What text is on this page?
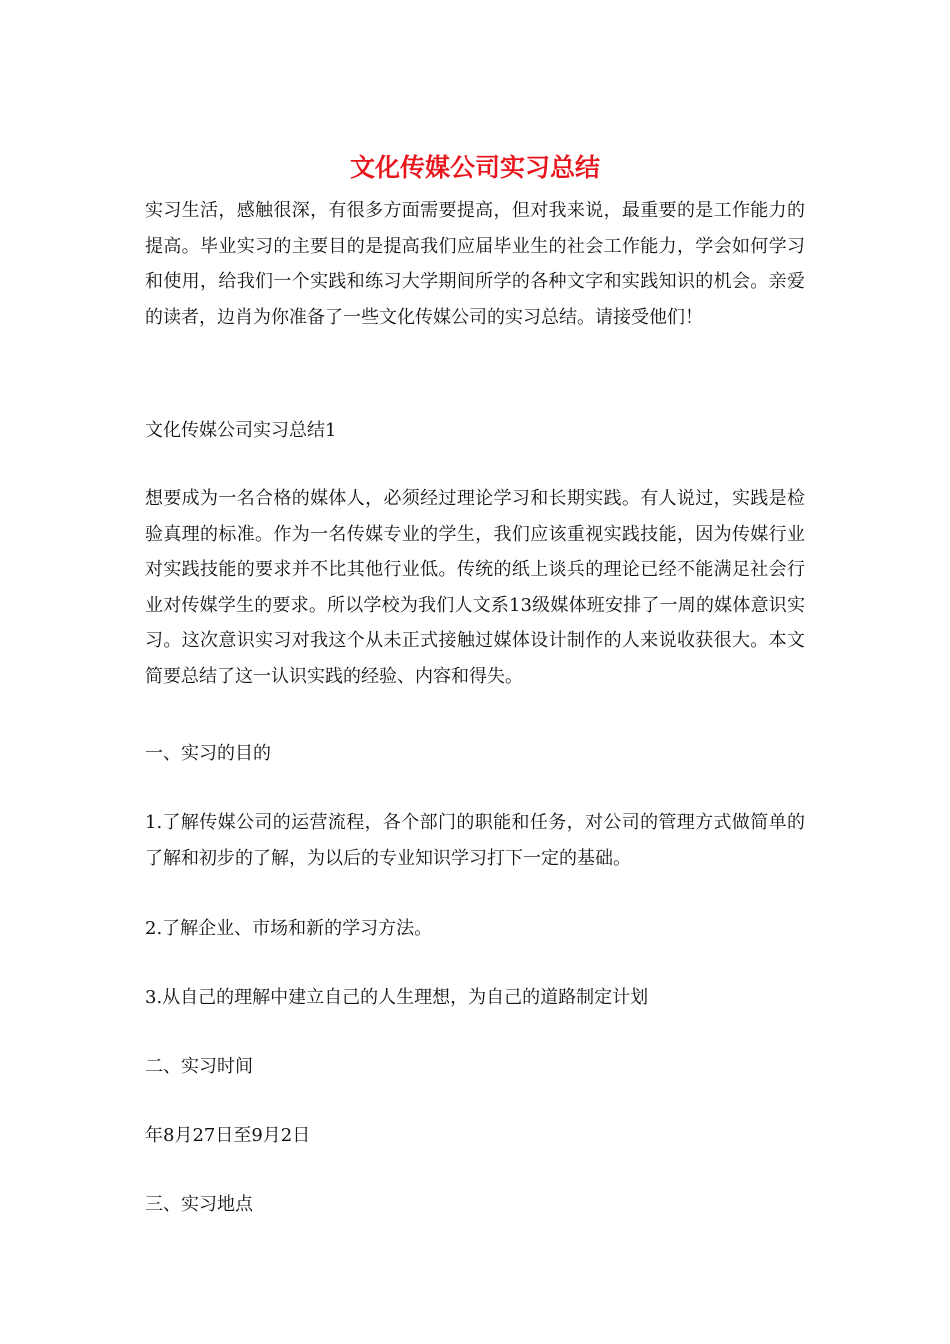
文化传媒公司实习总结

实习生活，感触很深，有很多方面需要提高，但对我来说，最重要的是工作能力的提高。毕业实习的主要目的是提高我们应届毕业生的社会工作能力，学会如何学习和使用，给我们一个实践和练习大学期间所学的各种文字和实践知识的机会。亲爱的读者，边肖为你准备了一些文化传媒公司的实习总结。请接受他们！

文化传媒公司实习总结1

想要成为一名合格的媒体人，必须经过理论学习和长期实践。有人说过，实践是检验真理的标准。作为一名传媒专业的学生，我们应该重视实践技能，因为传媒行业对实践技能的要求并不比其他行业低。传统的纸上谈兵的理论已经不能满足社会行业对传媒学生的要求。所以学校为我们人文系13级媒体班安排了一周的媒体意识实习。这次意识实习对我这个从未正式接触过媒体设计制作的人来说收获很大。本文简要总结了这一认识实践的经验、内容和得失。

一、实习的目的

1.了解传媒公司的运营流程，各个部门的职能和任务，对公司的管理方式做简单的了解和初步的了解，为以后的专业知识学习打下一定的基础。

2.了解企业、市场和新的学习方法。

3.从自己的理解中建立自己的人生理想，为自己的道路制定计划

二、实习时间

年8月27日至9月2日

三、实习地点
